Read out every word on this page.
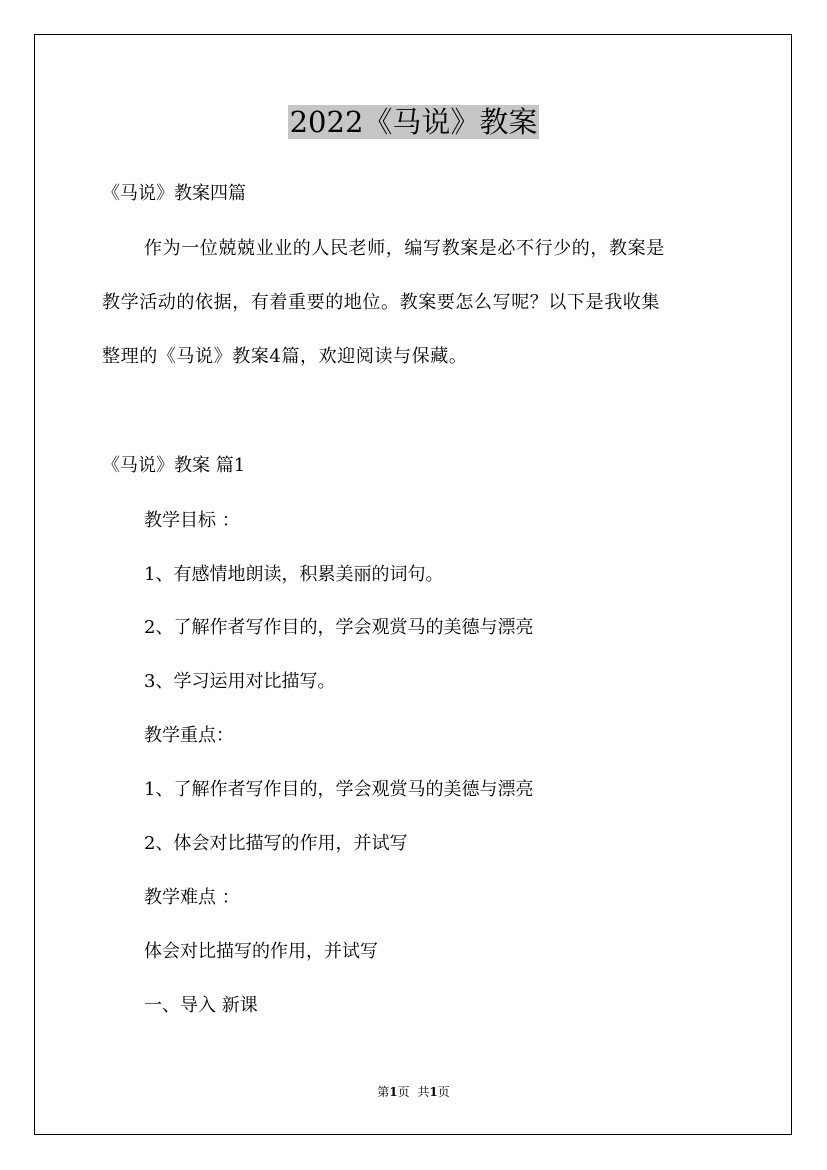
2022《马说》教案
《马说》教案四篇
作为一位兢兢业业的人民老师，编写教案是必不行少的，教案是
教学活动的依据，有着重要的地位。教案要怎么写呢？以下是我收集
整理的《马说》教案4篇，欢迎阅读与保藏。
《马说》教案 篇1
教学目标 ：
1、有感情地朗读，积累美丽的词句。
2、了解作者写作目的，学会观赏马的美德与漂亮
3、学习运用对比描写。
教学重点：
1、了解作者写作目的，学会观赏马的美德与漂亮
2、体会对比描写的作用，并试写
教学难点 ：
体会对比描写的作用，并试写
一、导入 新课
第1页 共1页
